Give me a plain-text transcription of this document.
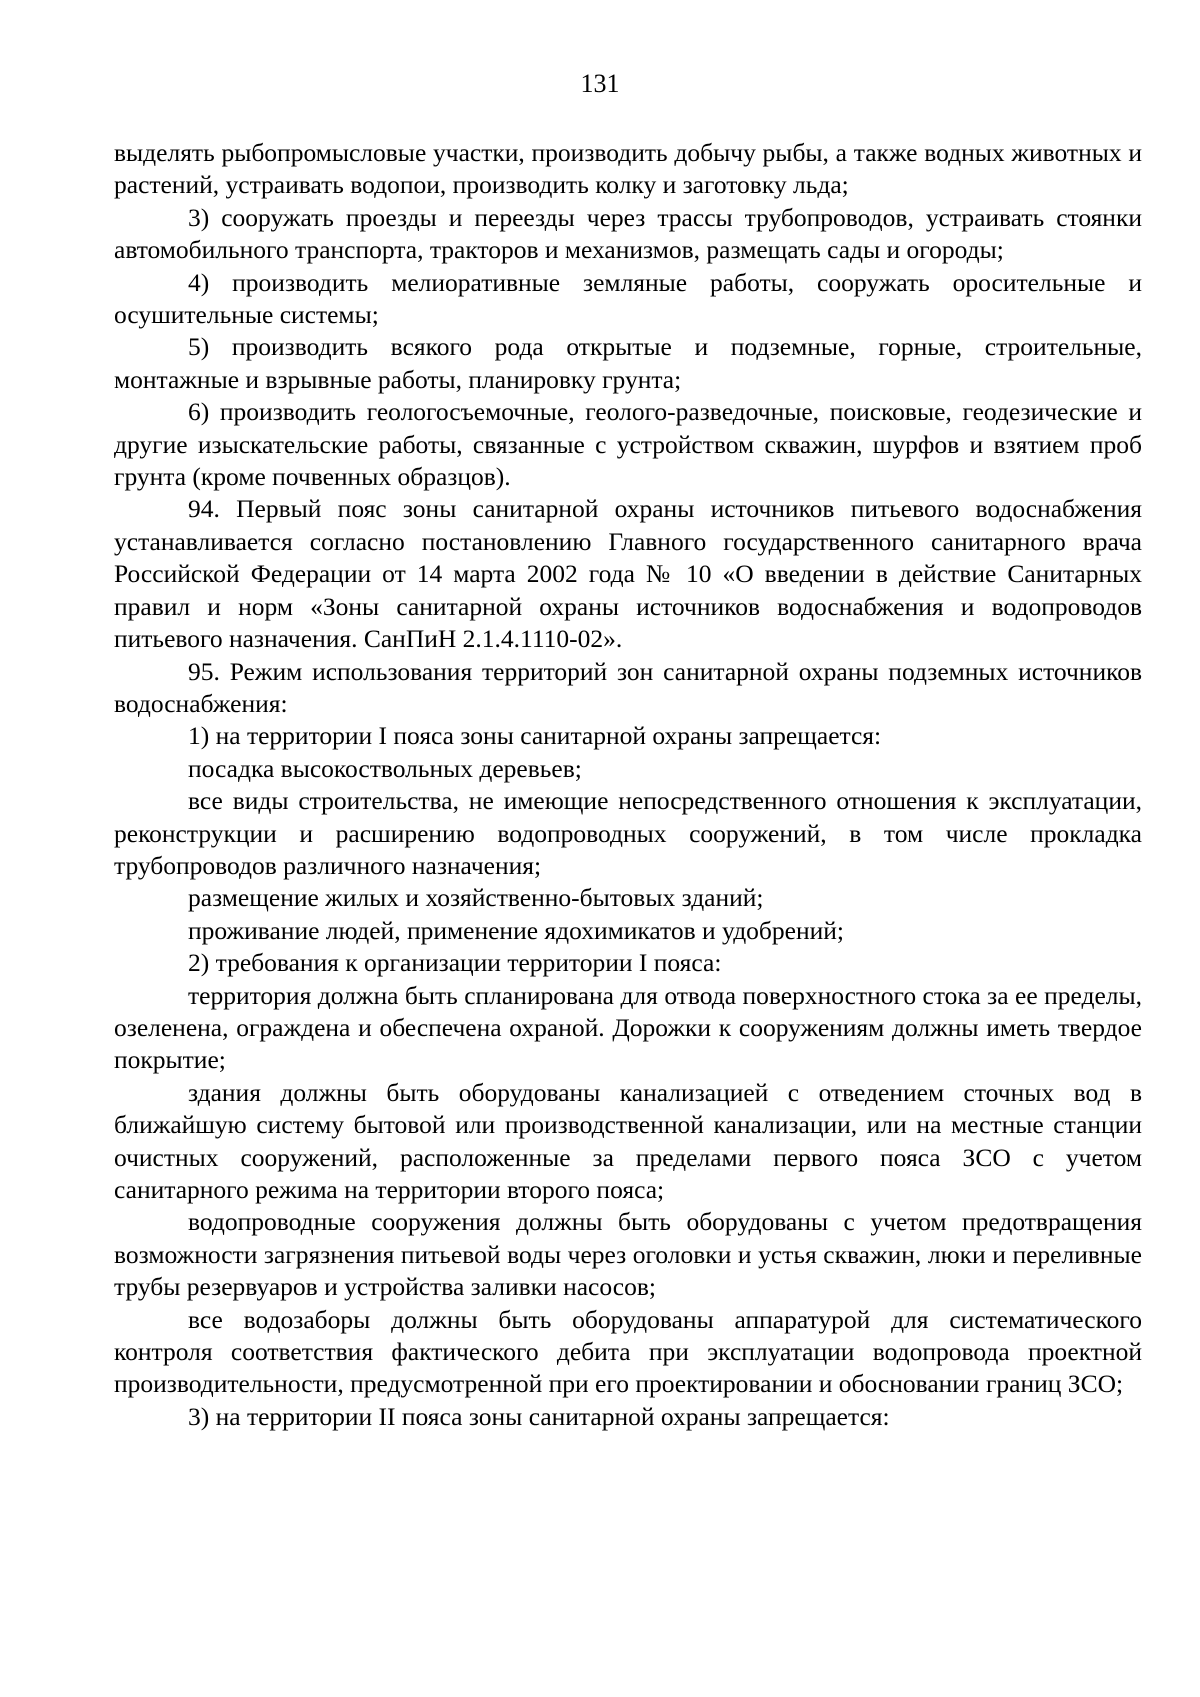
131

выделять рыбопромысловые участки, производить добычу рыбы, а также водных животных и растений, устраивать водопои, производить колку и заготовку льда;

3) сооружать проезды и переезды через трассы трубопроводов, устраивать стоянки автомобильного транспорта, тракторов и механизмов, размещать сады и огороды;

4) производить мелиоративные земляные работы, сооружать оросительные и осушительные системы;

5) производить всякого рода открытые и подземные, горные, строительные, монтажные и взрывные работы, планировку грунта;

6) производить геологосъемочные, геолого-разведочные, поисковые, геодезические и другие изыскательские работы, связанные с устройством скважин, шурфов и взятием проб грунта (кроме почвенных образцов).

94. Первый пояс зоны санитарной охраны источников питьевого водоснабжения устанавливается согласно постановлению Главного государственного санитарного врача Российской Федерации от 14 марта 2002 года № 10 «О введении в действие Санитарных правил и норм «Зоны санитарной охраны источников водоснабжения и водопроводов питьевого назначения. СанПиН 2.1.4.1110-02».

95. Режим использования территорий зон санитарной охраны подземных источников водоснабжения:

1) на территории I пояса зоны санитарной охраны запрещается:

посадка высокоствольных деревьев;

все виды строительства, не имеющие непосредственного отношения к эксплуатации, реконструкции и расширению водопроводных сооружений, в том числе прокладка трубопроводов различного назначения;

размещение жилых и хозяйственно-бытовых зданий;

проживание людей, применение ядохимикатов и удобрений;

2) требования к организации территории I пояса:

территория должна быть спланирована для отвода поверхностного стока за ее пределы, озеленена, ограждена и обеспечена охраной. Дорожки к сооружениям должны иметь твердое покрытие;

здания должны быть оборудованы канализацией с отведением сточных вод в ближайшую систему бытовой или производственной канализации, или на местные станции очистных сооружений, расположенные за пределами первого пояса ЗСО с учетом санитарного режима на территории второго пояса;

водопроводные сооружения должны быть оборудованы с учетом предотвращения возможности загрязнения питьевой воды через оголовки и устья скважин, люки и переливные трубы резервуаров и устройства заливки насосов;

все водозаборы должны быть оборудованы аппаратурой для систематического контроля соответствия фактического дебита при эксплуатации водопровода проектной производительности, предусмотренной при его проектировании и обосновании границ ЗСО;

3) на территории II пояса зоны санитарной охраны запрещается:
